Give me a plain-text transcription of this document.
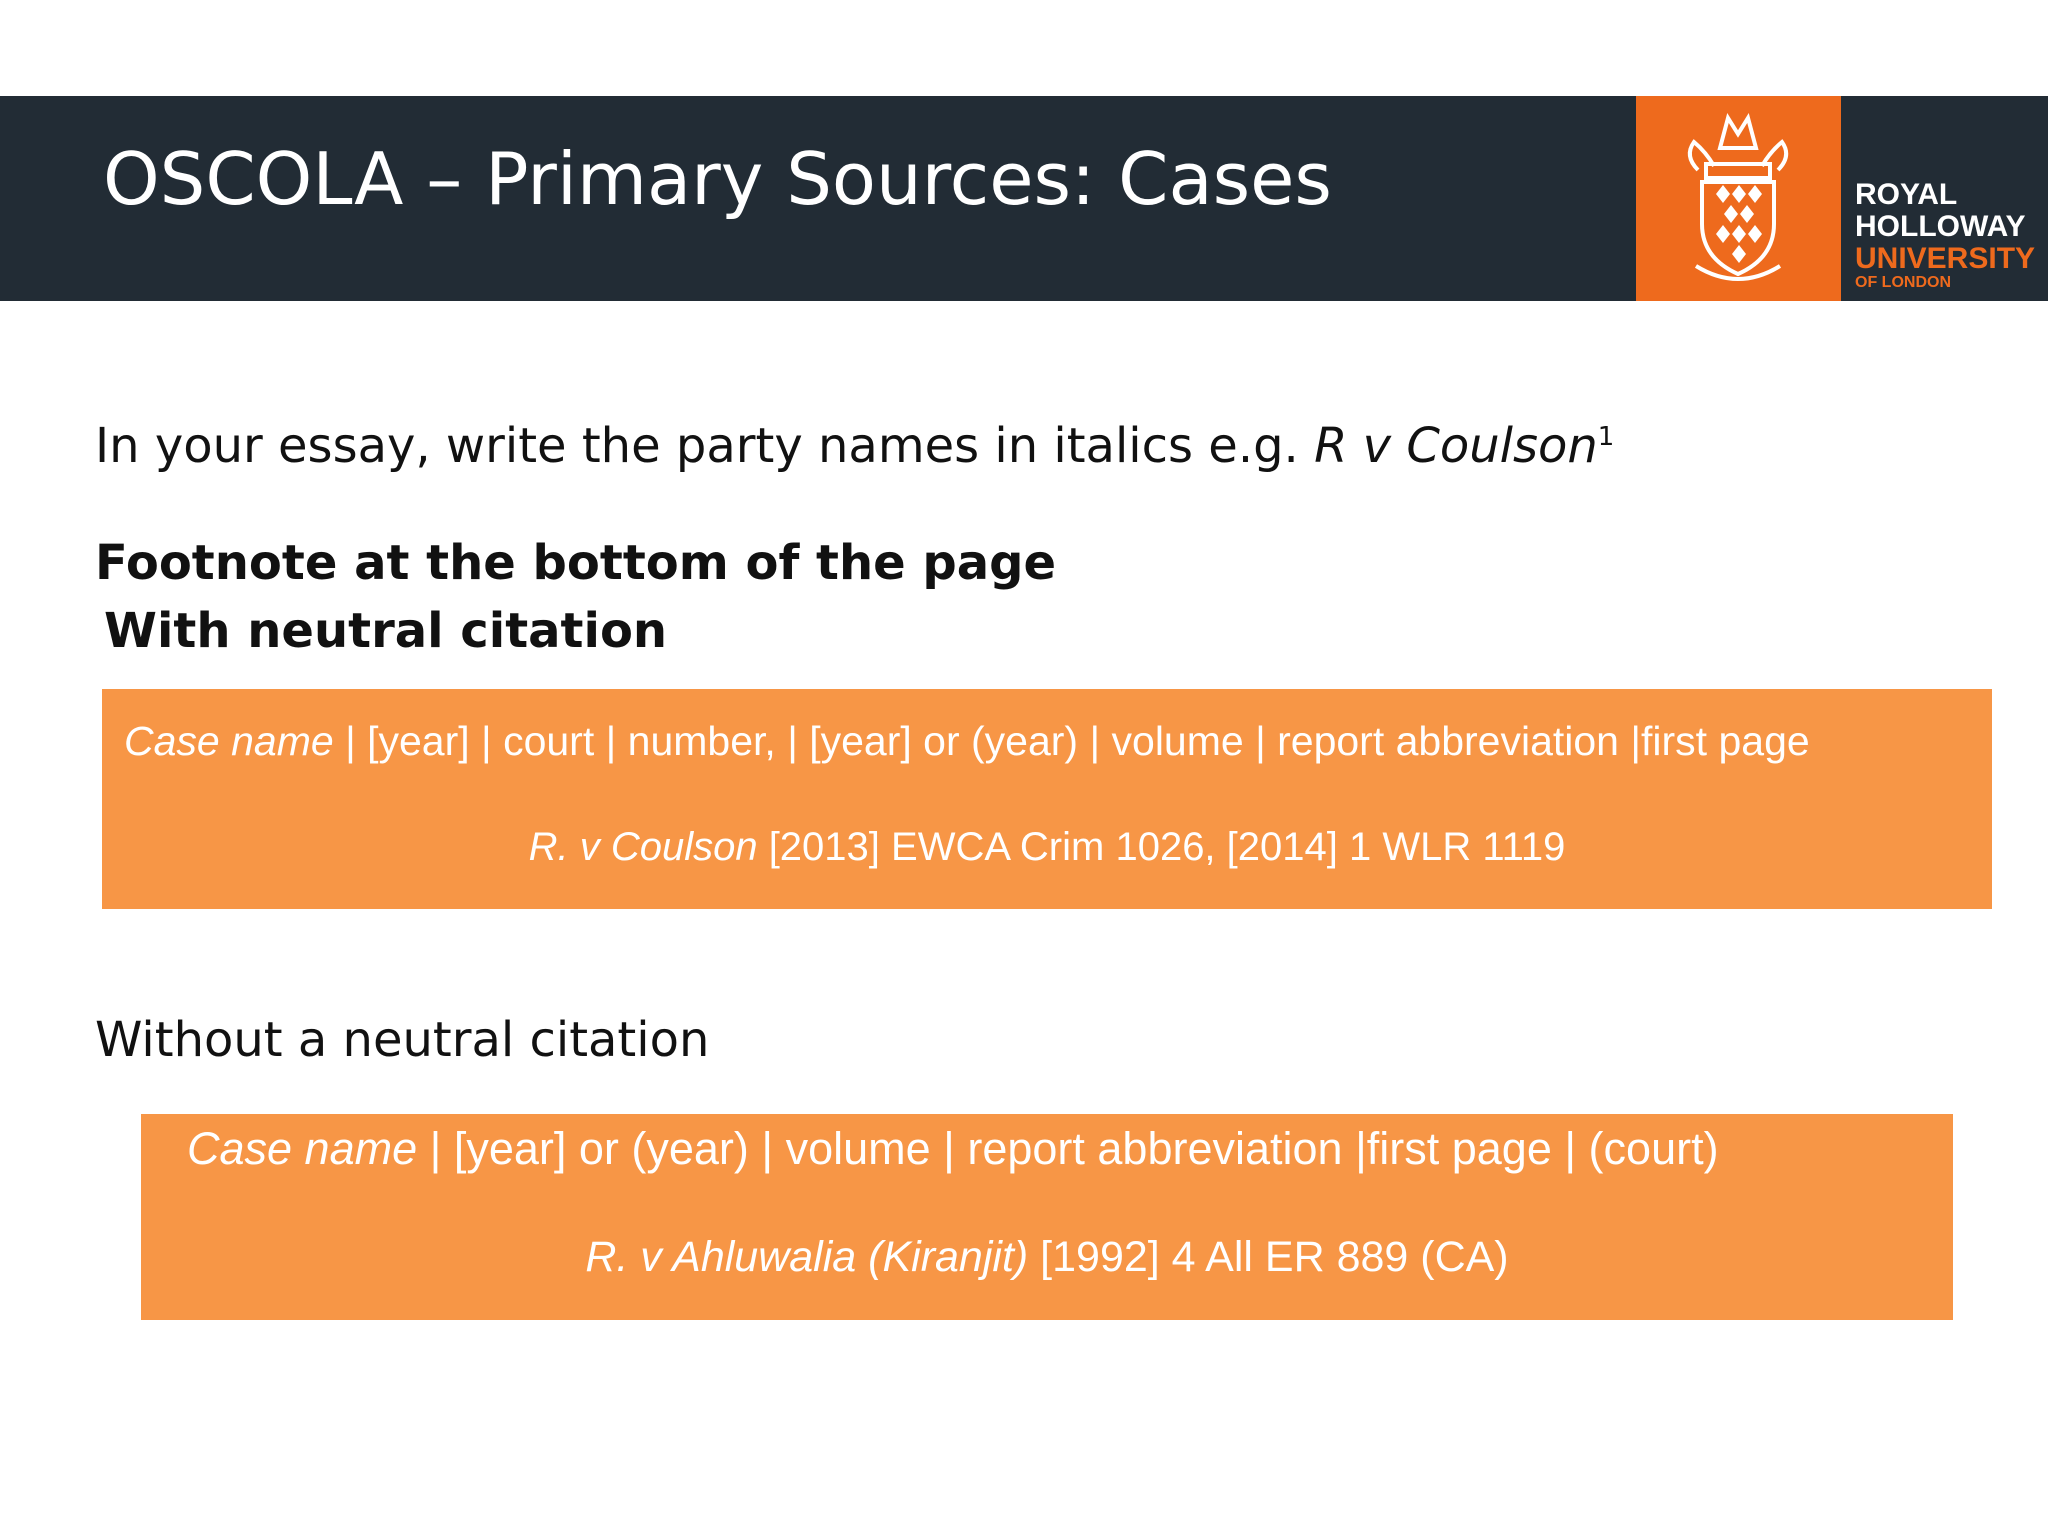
OSCOLA – Primary Sources: Cases	ROYAL
HOLLOWAY
UNIVERSITY
OF LONDON
In your essay, write the party names in italics e.g. R v Coulson$^1$
Footnote at the bottom of the page
With neutral citation
Case name | [year] | court | number, | [year] or (year) | volume | report abbreviation |first page
R. v Coulson [2013] EWCA Crim 1026, [2014] 1 WLR 1119
Without a neutral citation
Case name | [year] or (year) | volume | report abbreviation |first page | (court)
R. v Ahluwalia (Kiranjit) [1992] 4 All ER 889 (CA)
